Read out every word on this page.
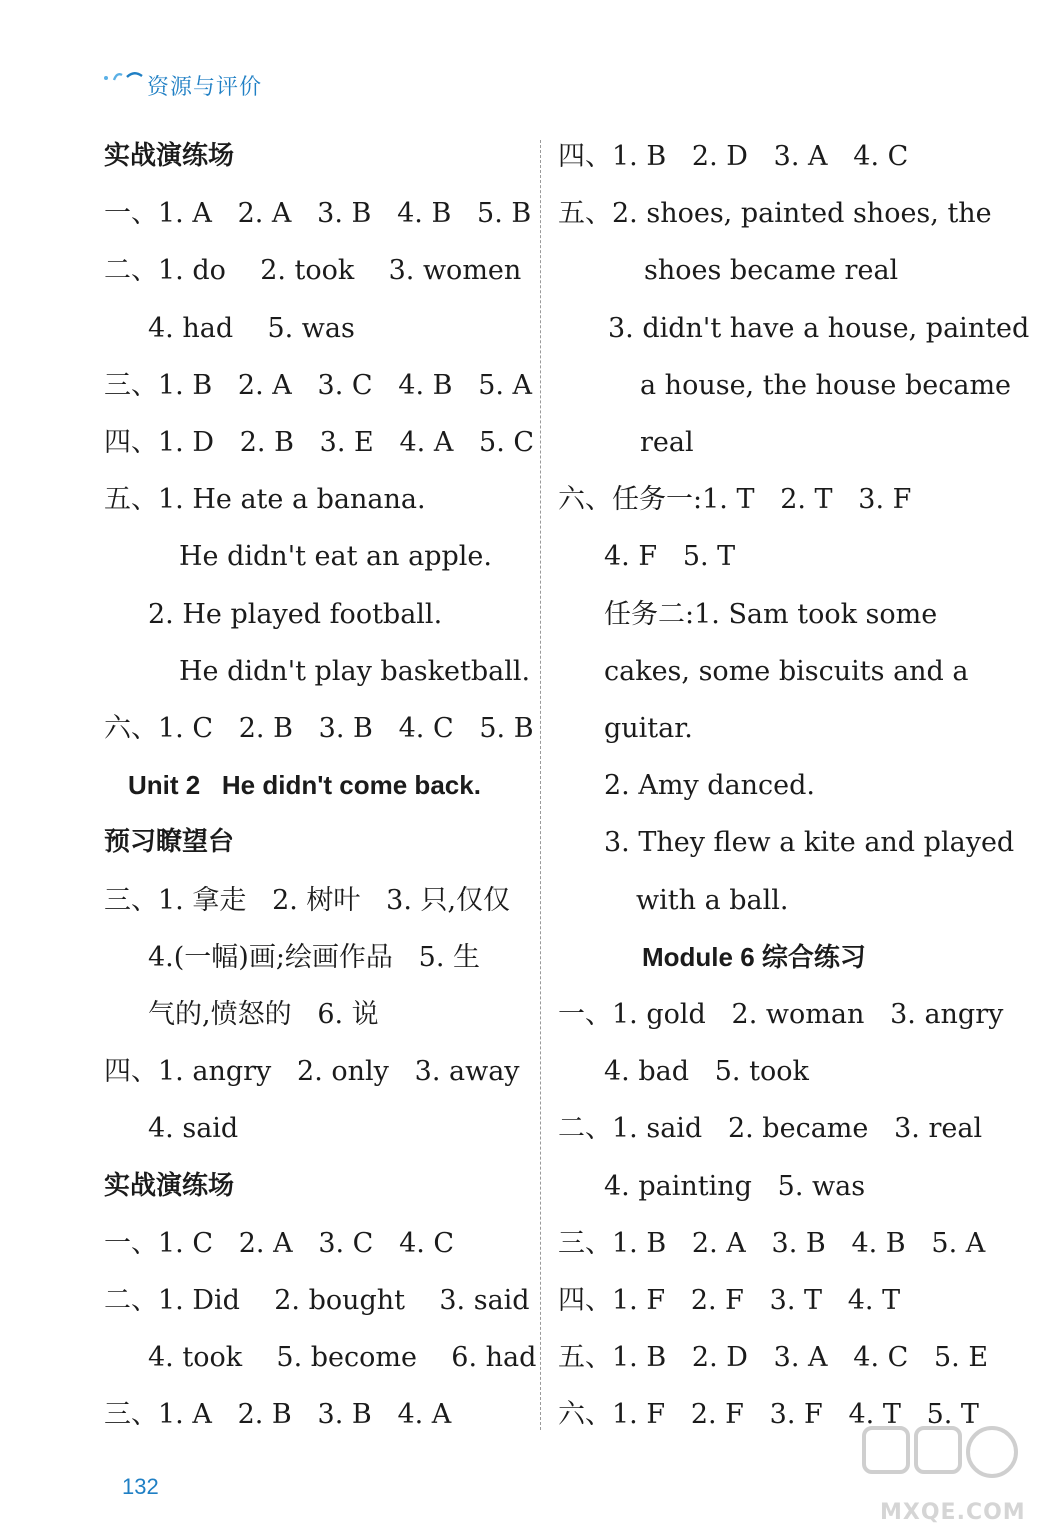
资源与评价
实战演练场
一、1. A   2. A   3. B   4. B   5. B
二、1. do    2. took    3. women
4. had    5. was
三、1. B   2. A   3. C   4. B   5. A
四、1. D   2. B   3. E   4. A   5. C
五、1. He ate a banana.
He didn't eat an apple.
2. He played football.
He didn't play basketball.
六、1. C   2. B   3. B   4. C   5. B
Unit 2   He didn't come back.
预习瞭望台
三、1. 拿走   2. 树叶   3. 只,仅仅
4.(一幅)画;绘画作品   5. 生
气的,愤怒的   6. 说
四、1. angry   2. only   3. away
4. said
实战演练场
一、1. C   2. A   3. C   4. C
二、1. Did    2. bought    3. said
4. took    5. become    6. had
三、1. A   2. B   3. B   4. A
四、1. B   2. D   3. A   4. C
五、2. shoes, painted shoes, the
shoes became real
3. didn't have a house, painted
a house, the house became
real
六、任务一:1. T   2. T   3. F
4. F   5. T
任务二:1. Sam took some
cakes, some biscuits and a
guitar.
2. Amy danced.
3. They flew a kite and played
with a ball.
Module 6 综合练习
一、1. gold   2. woman   3. angry
4. bad   5. took
二、1. said   2. became   3. real
4. painting   5. was
三、1. B   2. A   3. B   4. B   5. A
四、1. F   2. F   3. T   4. T
五、1. B   2. D   3. A   4. C   5. E
六、1. F   2. F   3. F   4. T   5. T
132
MXQE.COM
